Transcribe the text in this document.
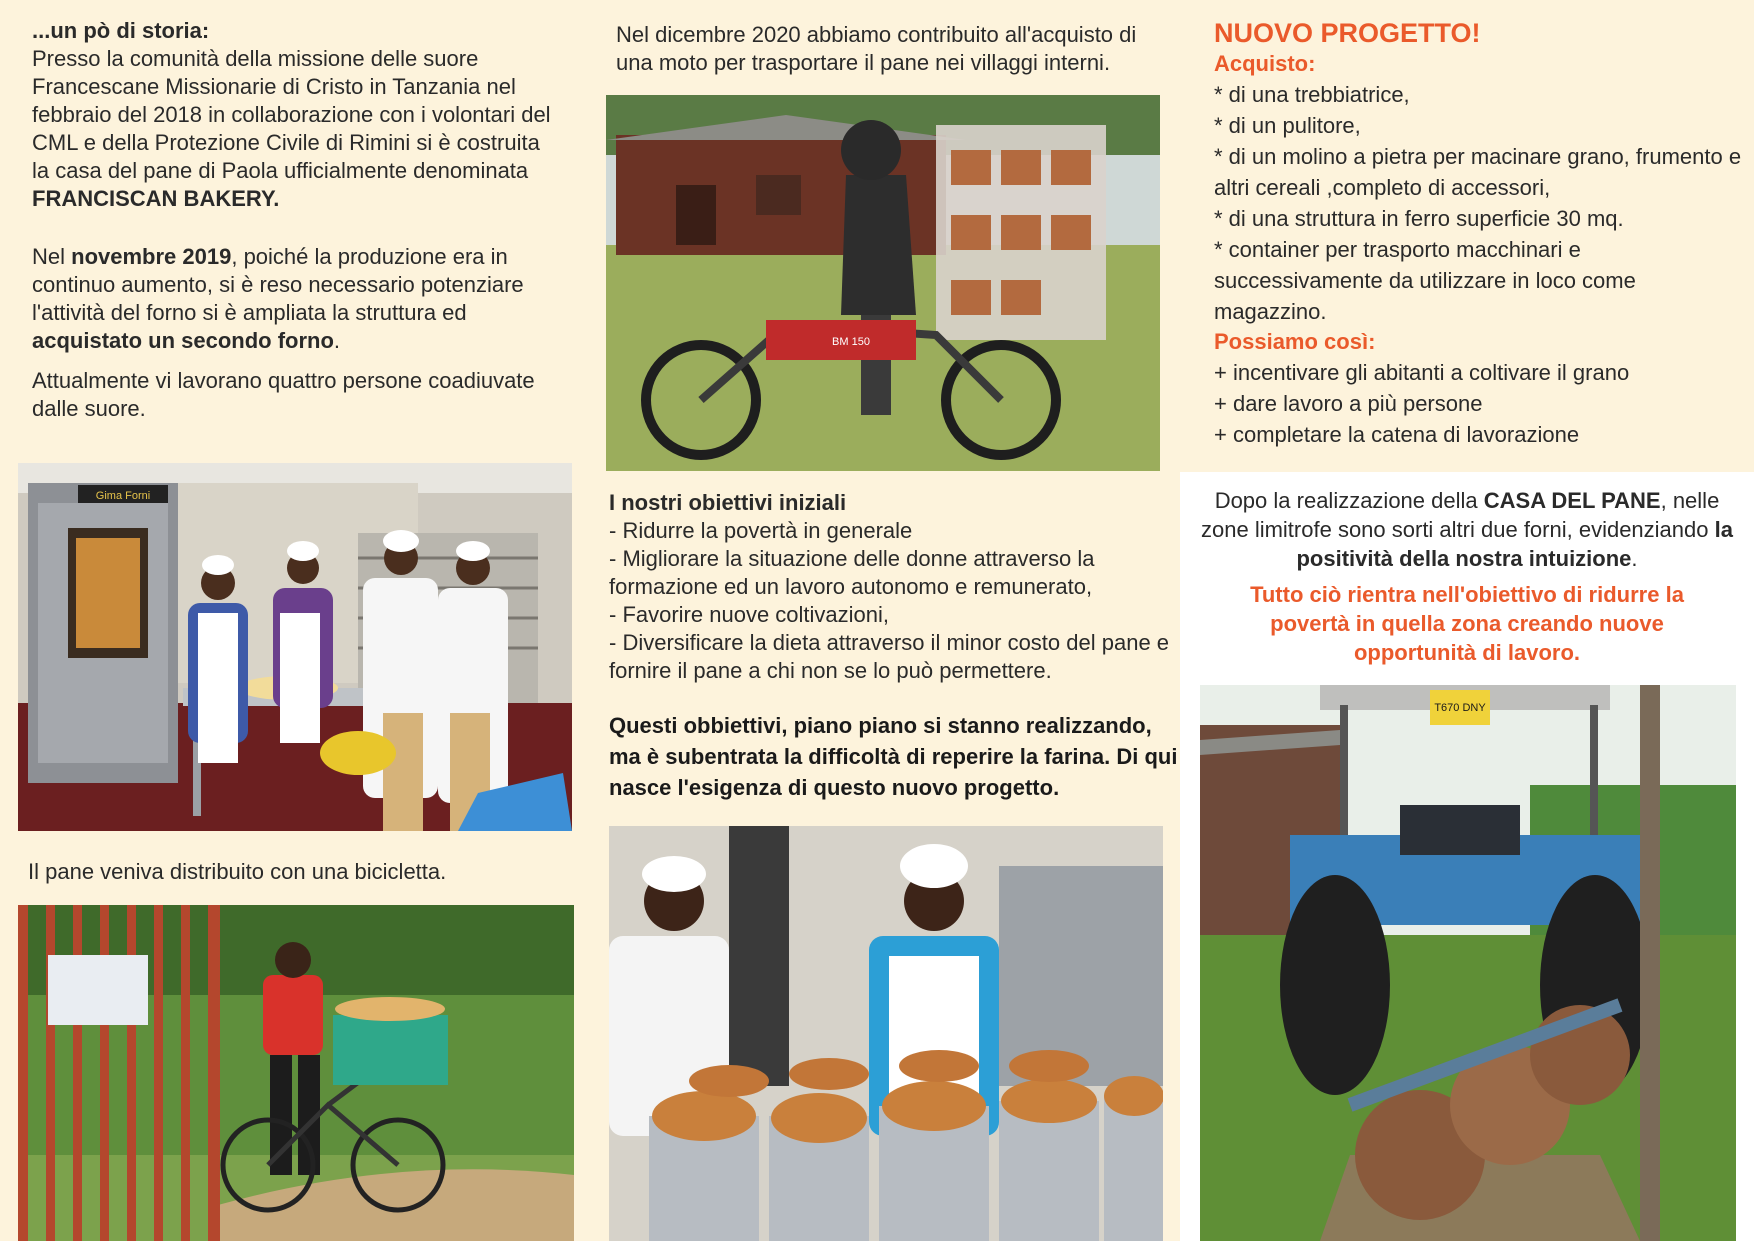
...un pò di storia:

Presso la comunità della missione delle suore Francescane Missionarie di Cristo in Tanzania nel febbraio del 2018 in collaborazione con i volontari del CML e della Protezione Civile di Rimini si è costruita la casa del pane di Paola ufficialmente denominata FRANCISCAN BAKERY.

Nel novembre 2019, poiché la produzione era in continuo aumento, si è reso necessario potenziare l'attività del forno si è ampliata la struttura ed acquistato un secondo forno.

Attualmente vi lavorano quattro persone coadiuvate dalle suore.

Gima Forni

Il pane veniva distribuito con una bicicletta.

Nel dicembre 2020 abbiamo contribuito all'acquisto di una moto per trasportare il pane nei villaggi interni.

BM 150

I nostri obiettivi iniziali

- Ridurre la povertà in generale

- Migliorare la situazione delle donne attraverso la formazione ed un lavoro autonomo e remunerato,

- Favorire nuove coltivazioni,

- Diversificare la dieta attraverso il minor costo del pane e fornire il pane a chi non se lo può permettere.

Questi obbiettivi, piano piano si stanno realizzando, ma è subentrata la difficoltà di reperire la farina. Di qui nasce l'esigenza di questo nuovo progetto.

NUOVO PROGETTO!

Acquisto:

* di una trebbiatrice,

* di un pulitore,

* di un molino a pietra per macinare grano, frumento e altri cereali ,completo di accessori,

* di una struttura in ferro superficie 30 mq.

* container per trasporto macchinari e successivamente da utilizzare in loco come magazzino.

Possiamo così:

+ incentivare gli abitanti a coltivare il grano

+ dare lavoro a più persone

+ completare la catena di lavorazione

Dopo la realizzazione della CASA DEL PANE, nelle zone limitrofe sono sorti altri due forni, evidenziando la positività della nostra intuizione.

Tutto ciò rientra nell'obiettivo di ridurre la povertà in quella zona creando nuove opportunità di lavoro.

T670 DNY
